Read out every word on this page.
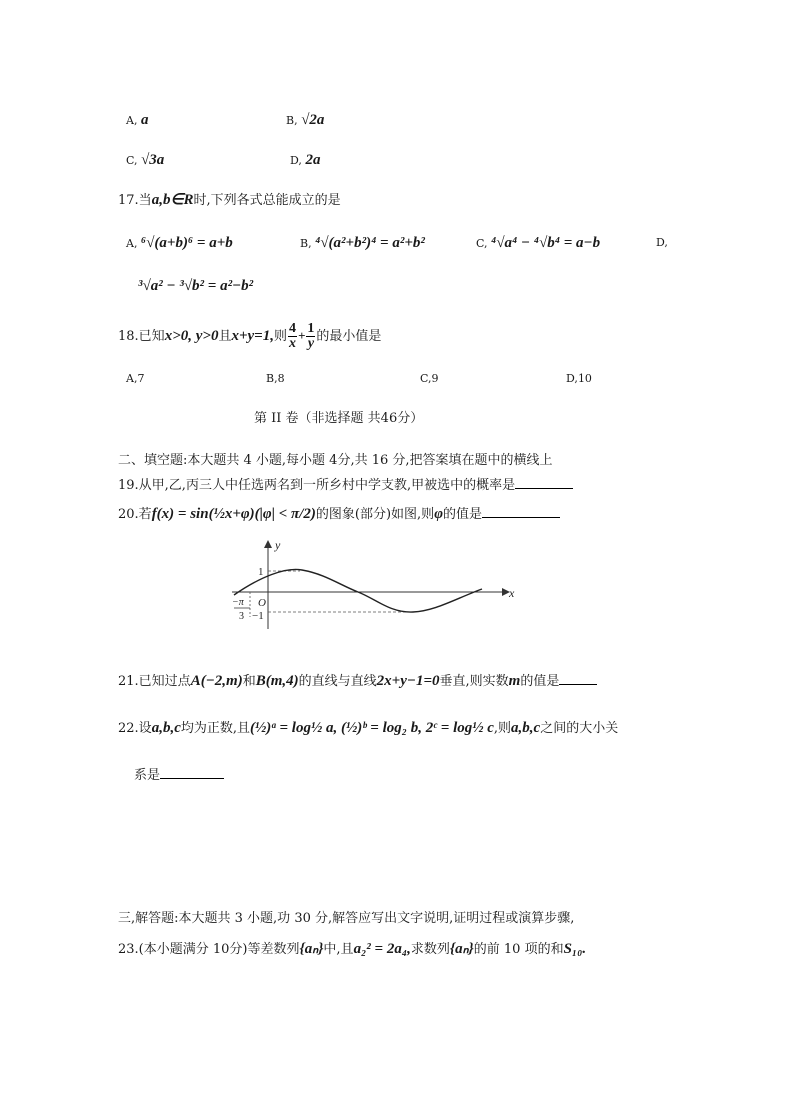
A, a	B, √2a
C, √3a	D, 2a
17.当a,b∈R时,下列各式总能成立的是
A, ⁶√(a+b)⁶ = a+b	B, ⁴√(a²+b²)⁴ = a²+b²	C, ⁴√a⁴ − ⁴√b⁴ = a−b	D,
³√a² − ³√b² = a²−b²
18.已知x>0, y>0且x+y=1,则 $\frac{4}{x} + \frac{1}{y}$ 的最小值是
A,7	B,8	C,9	D,10
第 II 卷（非选择题 共46分）
二、填空题:本大题共 4 小题,每小题 4分,共 16 分,把答案填在题中的横线上
19.从甲,乙,丙三人中任选两名到一所乡村中学支教,甲被选中的概率是
20.若f(x) = sin(½x+φ)(|φ| < π/2)的图象(部分)如图,则φ的值是
y
x
O
1
−1
−π
3
21.已知过点A(−2,m)和B(m,4)的直线与直线2x+y−1=0垂直,则实数m的值是
22.设a,b,c均为正数,且(½)ᵃ = log½ a, (½)ᵇ = log₂ b, 2ᶜ = log½ c,则a,b,c之间的大小关
系是
三,解答题:本大题共 3 小题,功 30 分,解答应写出文字说明,证明过程或演算步骤,
23.(本小题满分 10分)等差数列{aₙ}中,且a₂² = 2a₄,求数列{aₙ}的前 10 项的和S₁₀.
